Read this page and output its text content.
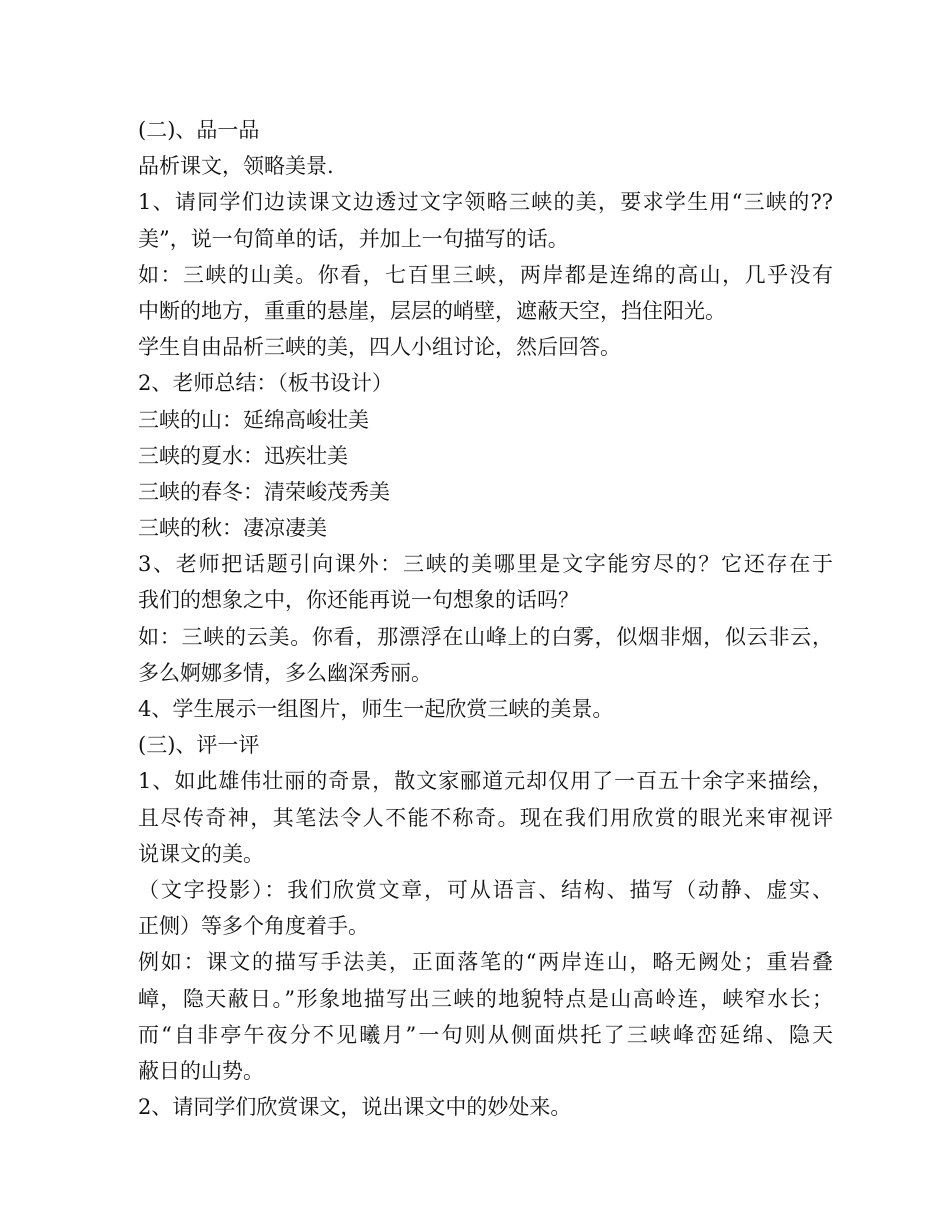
(二)、品一品
品析课文，领略美景.
1、请同学们边读课文边透过文字领略三峡的美，要求学生用“三峡的??
美”，说一句简单的话，并加上一句描写的话。
如：三峡的山美。你看，七百里三峡，两岸都是连绵的高山，几乎没有
中断的地方，重重的悬崖，层层的峭壁，遮蔽天空，挡住阳光。
学生自由品析三峡的美，四人小组讨论，然后回答。
2、老师总结：（板书设计）
三峡的山：延绵高峻壮美
三峡的夏水：迅疾壮美
三峡的春冬：清荣峻茂秀美
三峡的秋：凄凉凄美
3、老师把话题引向课外：三峡的美哪里是文字能穷尽的？它还存在于
我们的想象之中，你还能再说一句想象的话吗？
如：三峡的云美。你看，那漂浮在山峰上的白雾，似烟非烟，似云非云，
多么婀娜多情，多么幽深秀丽。
4、学生展示一组图片，师生一起欣赏三峡的美景。
(三)、评一评
1、如此雄伟壮丽的奇景，散文家郦道元却仅用了一百五十余字来描绘，
且尽传奇神，其笔法令人不能不称奇。现在我们用欣赏的眼光来审视评
说课文的美。
（文字投影）：我们欣赏文章，可从语言、结构、描写（动静、虚实、
正侧）等多个角度着手。
例如：课文的描写手法美，正面落笔的“两岸连山，略无阙处；重岩叠
嶂，隐天蔽日。”形象地描写出三峡的地貌特点是山高岭连，峡窄水长；
而“自非亭午夜分不见曦月”一句则从侧面烘托了三峡峰峦延绵、隐天
蔽日的山势。
2、请同学们欣赏课文，说出课文中的妙处来。
